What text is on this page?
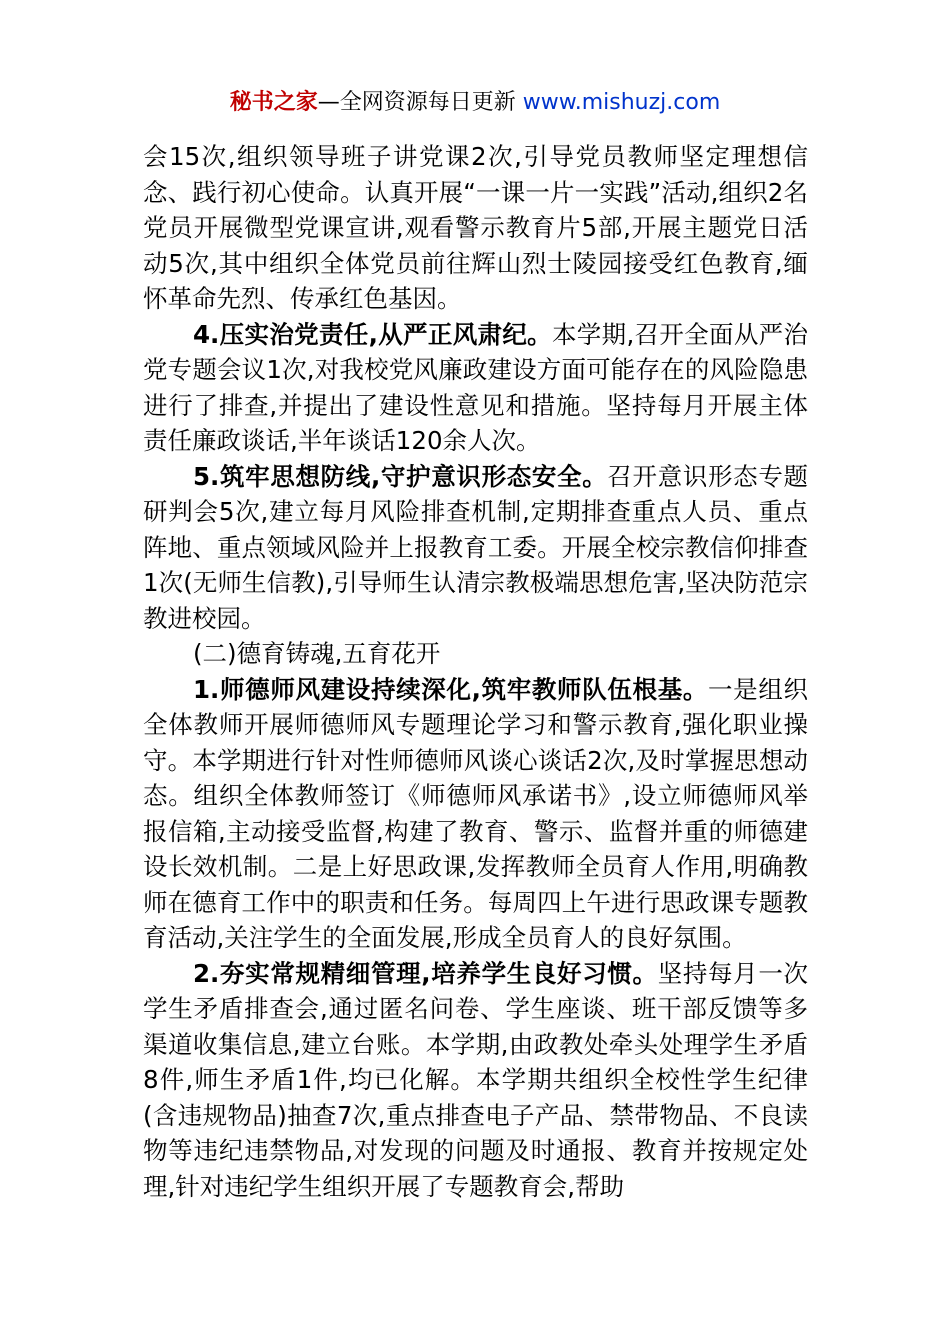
秘书之家—全网资源每日更新 www.mishuzj.com

会15次,组织领导班子讲党课2次,引导党员教师坚定理想信念、践行初心使命。认真开展“一课一片一实践”活动,组织2名党员开展微型党课宣讲,观看警示教育片5部,开展主题党日活动5次,其中组织全体党员前往辉山烈士陵园接受红色教育,缅怀革命先烈、传承红色基因。

4.压实治党责任,从严正风肃纪。本学期,召开全面从严治党专题会议1次,对我校党风廉政建设方面可能存在的风险隐患进行了排查,并提出了建设性意见和措施。坚持每月开展主体责任廉政谈话,半年谈话120余人次。

5.筑牢思想防线,守护意识形态安全。召开意识形态专题研判会5次,建立每月风险排查机制,定期排查重点人员、重点阵地、重点领域风险并上报教育工委。开展全校宗教信仰排查1次(无师生信教),引导师生认清宗教极端思想危害,坚决防范宗教进校园。

(二)德育铸魂,五育花开

1.师德师风建设持续深化,筑牢教师队伍根基。一是组织全体教师开展师德师风专题理论学习和警示教育,强化职业操守。本学期进行针对性师德师风谈心谈话2次,及时掌握思想动态。组织全体教师签订《师德师风承诺书》,设立师德师风举报信箱,主动接受监督,构建了教育、警示、监督并重的师德建设长效机制。二是上好思政课,发挥教师全员育人作用,明确教师在德育工作中的职责和任务。每周四上午进行思政课专题教育活动,关注学生的全面发展,形成全员育人的良好氛围。

2.夯实常规精细管理,培养学生良好习惯。坚持每月一次学生矛盾排查会,通过匿名问卷、学生座谈、班干部反馈等多渠道收集信息,建立台账。本学期,由政教处牵头处理学生矛盾8件,师生矛盾1件,均已化解。本学期共组织全校性学生纪律(含违规物品)抽查7次,重点排查电子产品、禁带物品、不良读物等违纪违禁物品,对发现的问题及时通报、教育并按规定处理,针对违纪学生组织开展了专题教育会,帮助
